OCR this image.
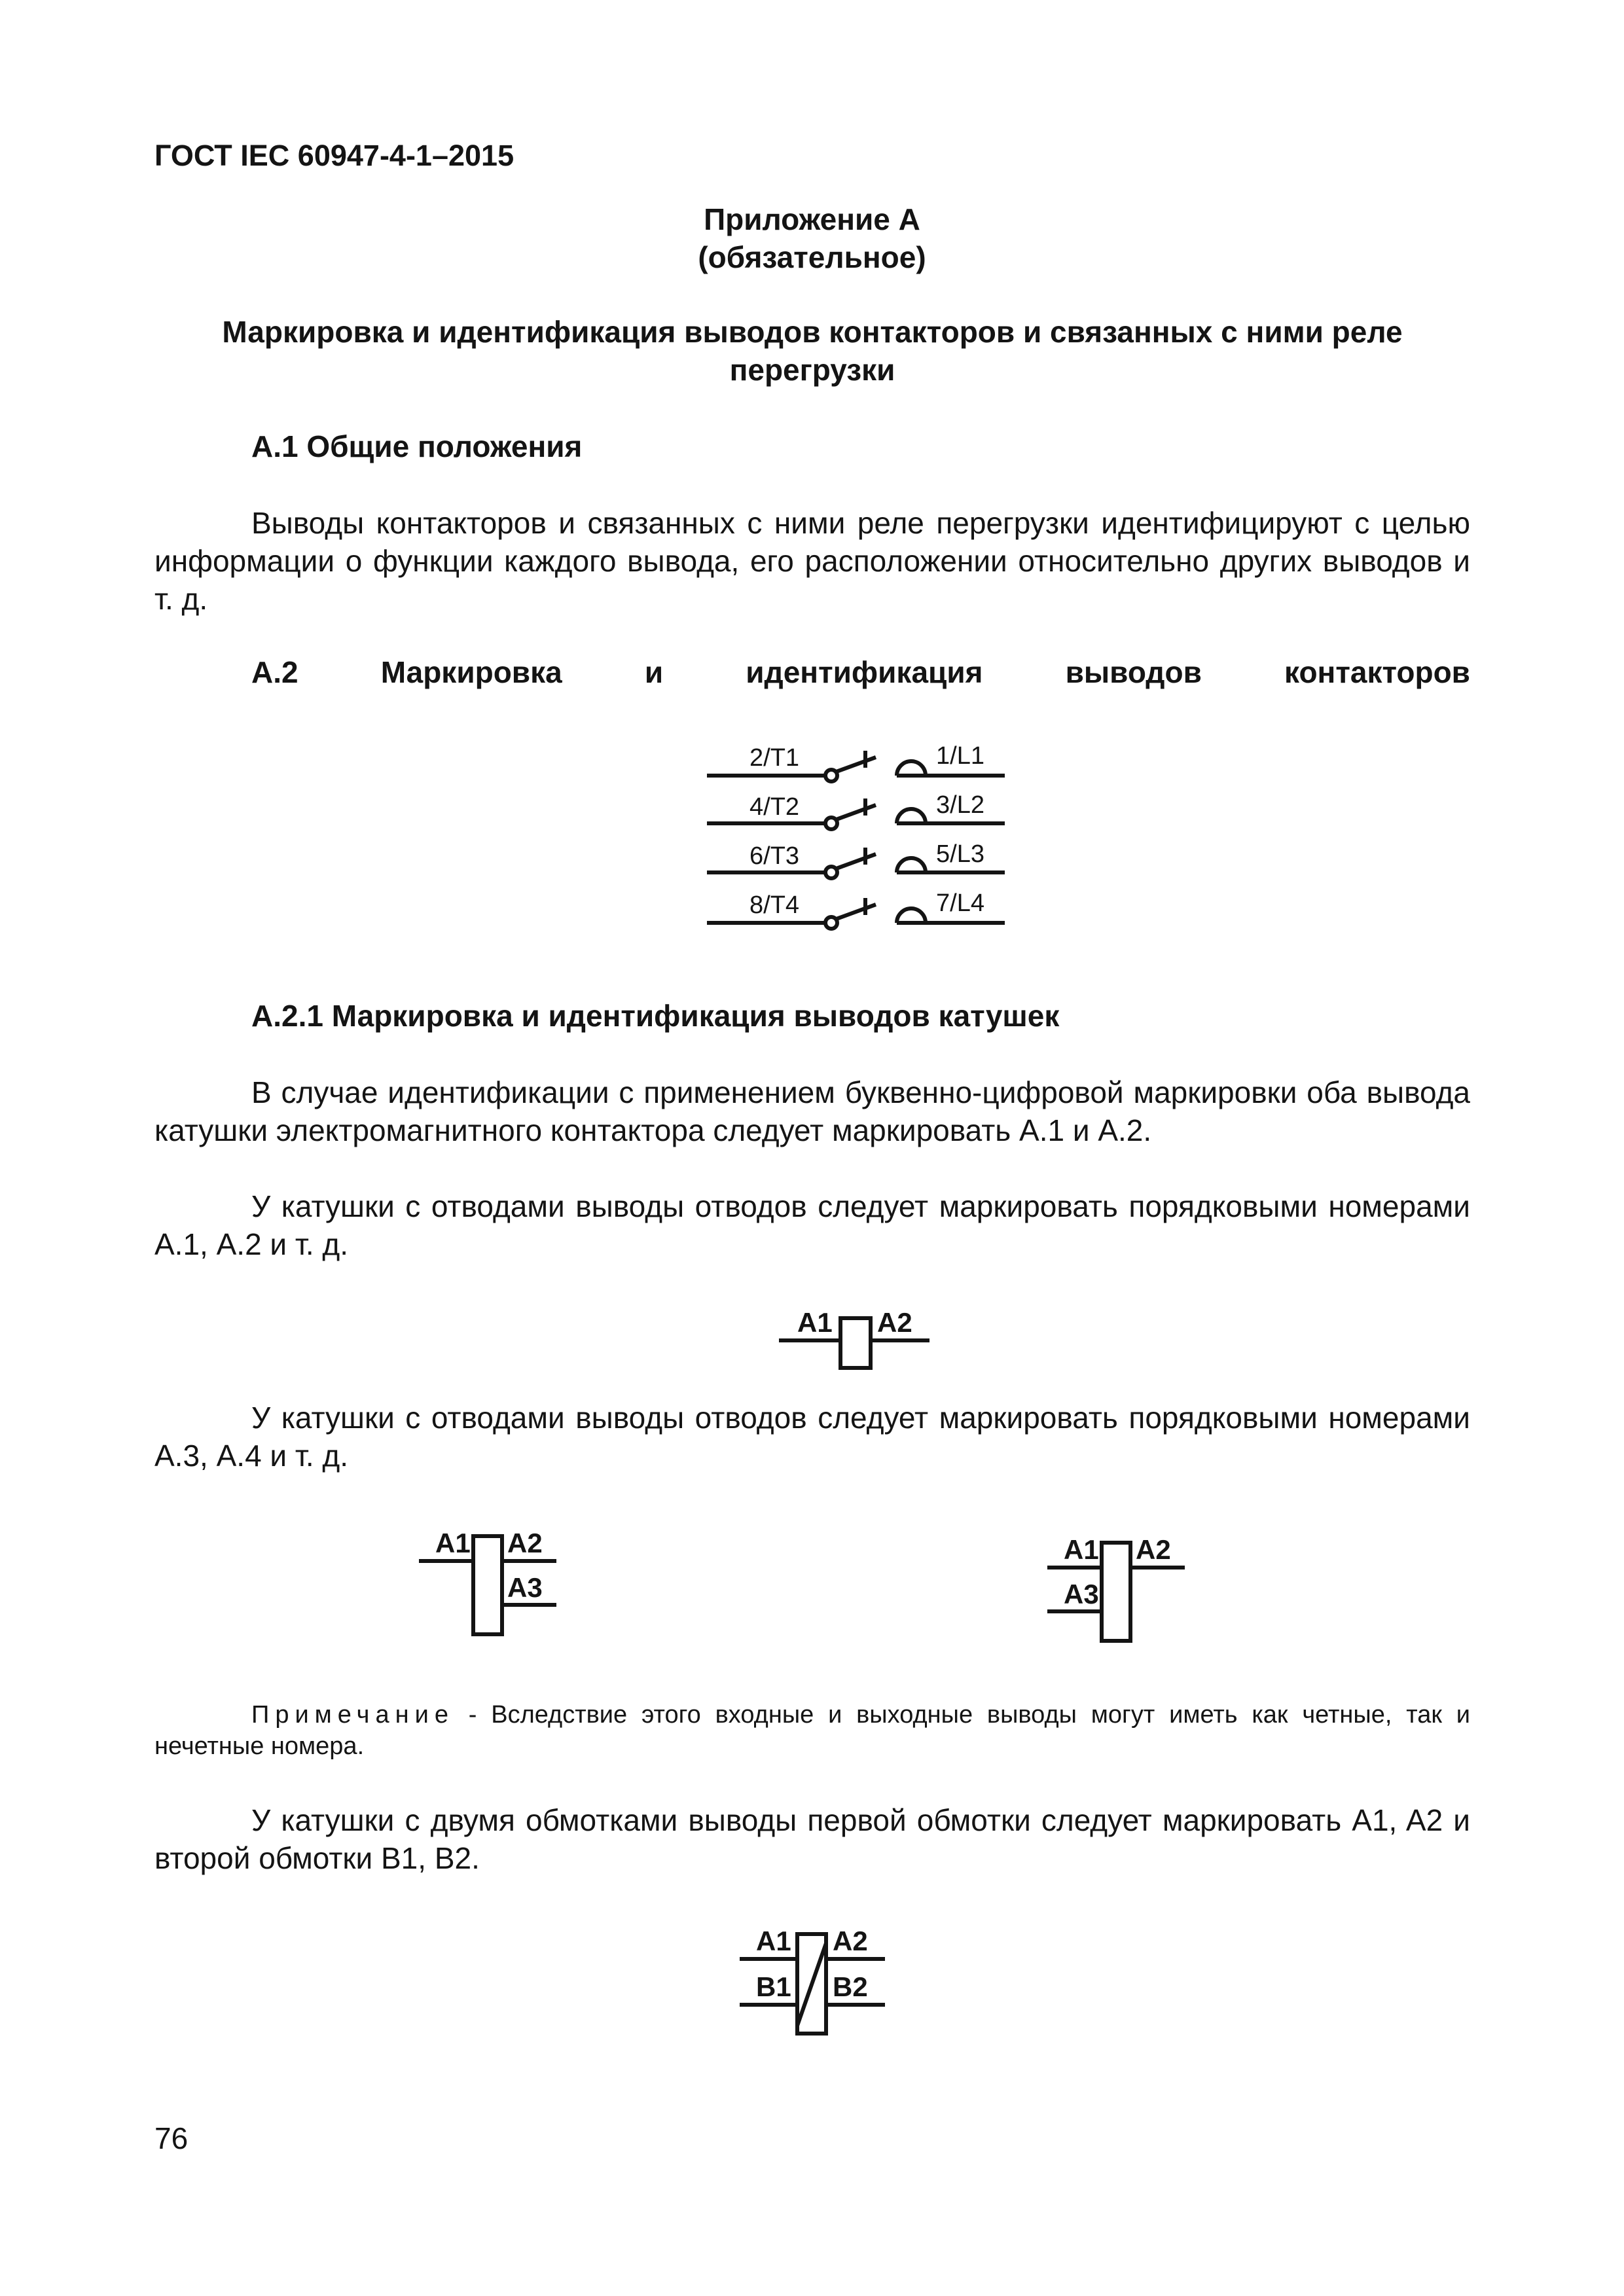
ГОСТ IEC 60947-4-1–2015
Приложение А
(обязательное)
Маркировка и идентификация выводов контакторов и связанных с ними реле перегрузки
А.1 Общие положения
Выводы контакторов и связанных с ними реле перегрузки идентифицируют с целью информации о функции каждого вывода, его расположении относительно других выводов и т. д.
А.2	Маркировка	и	идентификация	выводов	контакторов
2/T1
4/T2
6/T3
8/T4
1/L1
3/L2
5/L3
7/L4
А.2.1 Маркировка и идентификация выводов катушек
В случае идентификации с применением буквенно-цифровой маркировки оба вывода катушки электромагнитного контактора следует маркировать А.1 и А.2.
У катушки с отводами выводы отводов следует маркировать порядковыми номерами А.1, А.2 и т. д.
A1 A2
У катушки с отводами выводы отводов следует маркировать порядковыми номерами А.3, А.4 и т. д.
A1 A2
A3
A1 A2
A3
Примечание - Вследствие этого входные и выходные выводы могут иметь как четные, так и нечетные номера.
У катушки с двумя обмотками выводы первой обмотки следует маркировать A1, A2 и второй обмотки B1, B2.
A1 A2
B1 B2
76
